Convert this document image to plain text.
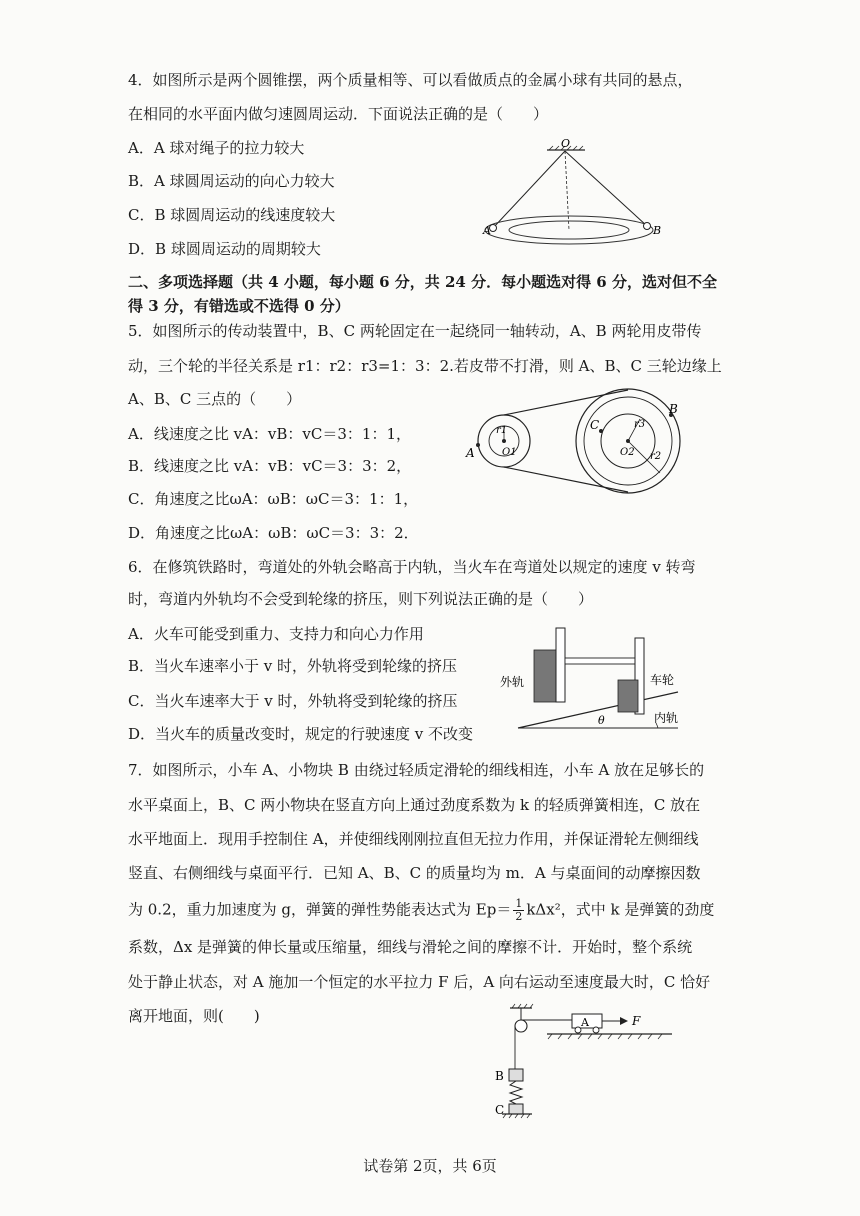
4．如图所示是两个圆锥摆，两个质量相等、可以看做质点的金属小球有共同的悬点，
在相同的水平面内做匀速圆周运动．下面说法正确的是（　　）
A．A 球对绳子的拉力较大
B．A 球圆周运动的向心力较大
C．B 球圆周运动的线速度较大
D．B 球圆周运动的周期较大
O
A	B
二、多项选择题（共 4 小题，每小题 6 分，共 24 分．每小题选对得 6 分，选对但不全
得 3 分，有错选或不选得 0 分）
5．如图所示的传动装置中，B、C 两轮固定在一起绕同一轴转动，A、B 两轮用皮带传
动，三个轮的半径关系是 r1：r2：r3=1：3：2.若皮带不打滑，则 A、B、C 三轮边缘上
A、B、C 三点的（　　）
A．线速度之比 vA：vB：vC＝3：1：1，
B．线速度之比 vA：vB：vC＝3：3：2，
C．角速度之比ωA：ωB：ωC＝3：1：1，
D．角速度之比ωA：ωB：ωC＝3：3：2．
A
B
C
r1
r3
r2
O1	O2
6．在修筑铁路时，弯道处的外轨会略高于内轨，当火车在弯道处以规定的速度 v 转弯
时，弯道内外轨均不会受到轮缘的挤压，则下列说法正确的是（　　）
A．火车可能受到重力、支持力和向心力作用
B．当火车速率小于 v 时，外轨将受到轮缘的挤压
C．当火车速率大于 v 时，外轨将受到轮缘的挤压
D．当火车的质量改变时，规定的行驶速度 v 不改变
θ
外轨	车轮
内轨
7．如图所示，小车 A、小物块 B 由绕过轻质定滑轮的细线相连，小车 A 放在足够长的
水平桌面上，B、C 两小物块在竖直方向上通过劲度系数为 k 的轻质弹簧相连，C 放在
水平地面上．现用手控制住 A，并使细线刚刚拉直但无拉力作用，并保证滑轮左侧细线
竖直、右侧细线与桌面平行．已知 A、B、C 的质量均为 m．A 与桌面间的动摩擦因数
为 0.2，重力加速度为 g，弹簧的弹性势能表达式为 $Ep= \frac{1}{2} k\Delta x^2$，式中 k 是弹簧的劲度
系数，Δx 是弹簧的伸长量或压缩量，细线与滑轮之间的摩擦不计．开始时，整个系统
处于静止状态，对 A 施加一个恒定的水平拉力 F 后，A 向右运动至速度最大时，C 恰好
离开地面，则(　　)	A	F
B
C
试卷第 2页，共 6页
